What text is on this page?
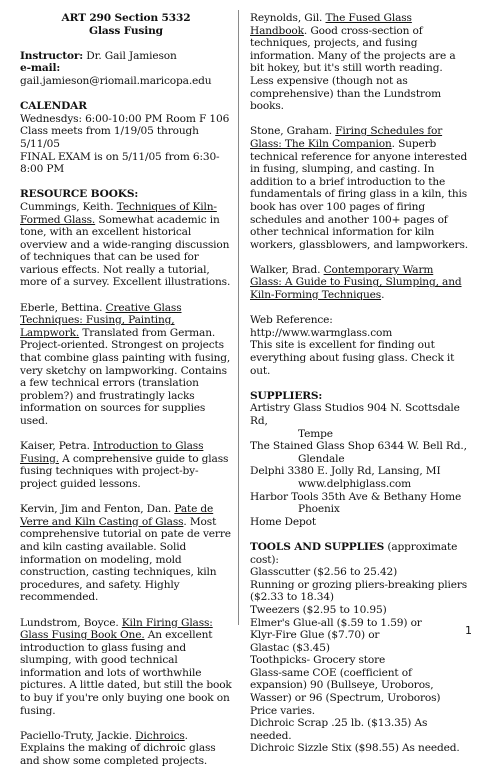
ART 290 Section 5332

Glass Fusing

Instructor: Dr. Gail Jamieson

e-mail: gail.jamieson@riomail.maricopa.edu

CALENDAR

Wednesdys: 6:00-10:00 PM Room F 106

Class meets from 1/19/05 through 5/11/05

FINAL EXAM is on 5/11/05 from 6:30-8:00 PM

RESOURCE BOOKS:

Cummings, Keith. Techniques of Kiln-Formed Glass. Somewhat academic in tone, with an excellent historical overview and a wide-ranging discussion of techniques that can be used for various effects. Not really a tutorial, more of a survey. Excellent illustrations.

Eberle, Bettina. Creative Glass Techniques: Fusing, Painting, Lampwork. Translated from German. Project-oriented. Strongest on projects that combine glass painting with fusing, very sketchy on lampworking. Contains a few technical errors (translation problem?) and frustratingly lacks information on sources for supplies used.

Kaiser, Petra. Introduction to Glass Fusing. A comprehensive guide to glass fusing techniques with project-by-project guided lessons.

Kervin, Jim and Fenton, Dan. Pate de Verre and Kiln Casting of Glass. Most comprehensive tutorial on pate de verre and kiln casting available. Solid information on modeling, mold construction, casting techniques, kiln procedures, and safety. Highly recommended.

Lundstrom, Boyce. Kiln Firing Glass: Glass Fusing Book One. An excellent introduction to glass fusing and slumping, with good technical information and lots of worthwhile pictures. A little dated, but still the book to buy if you're only buying one book on fusing.

Paciello-Truty, Jackie. Dichroics. Explains the making of dichroic glass and show some completed projects.

Reynolds, Gil. The Fused Glass Handbook. Good cross-section of techniques, projects, and fusing information. Many of the projects are a bit hokey, but it's still worth reading. Less expensive (though not as comprehensive) than the Lundstrom books.

Stone, Graham. Firing Schedules for Glass: The Kiln Companion. Superb technical reference for anyone interested in fusing, slumping, and casting. In addition to a brief introduction to the fundamentals of firing glass in a kiln, this book has over 100 pages of firing schedules and another 100+ pages of other technical information for kiln workers, glassblowers, and lampworkers.

Walker, Brad. Contemporary Warm Glass: A Guide to Fusing, Slumping, and Kiln-Forming Techniques.

Web Reference: http://www.warmglass.com
This site is excellent for finding out everything about fusing glass. Check it out.

SUPPLIERS:

Artistry Glass Studios 904 N. Scottsdale Rd,

Tempe

The Stained Glass Shop 6344 W. Bell Rd.,

Glendale

Delphi 3380 E. Jolly Rd, Lansing, MI

www.delphiglass.com

Harbor Tools 35th Ave & Bethany Home

Phoenix

Home Depot

TOOLS AND SUPPLIES (approximate cost):

Glasscutter ($2.56 to 25.42)

Running or grozing pliers-breaking pliers ($2.33 to 18.34)

Tweezers ($2.95 to 10.95)

Elmer's Glue-all ($.59 to 1.59) or

Klyr-Fire Glue ($7.70) or

Glastac ($3.45)

Toothpicks- Grocery store

Glass-same COE (coefficient of expansion) 90 (Bullseye, Uroboros, Wasser) or 96 (Spectrum, Uroboros) Price varies.

Dichroic Scrap .25 lb. ($13.35) As needed.

Dichroic Sizzle Stix ($98.55) As needed.

1
